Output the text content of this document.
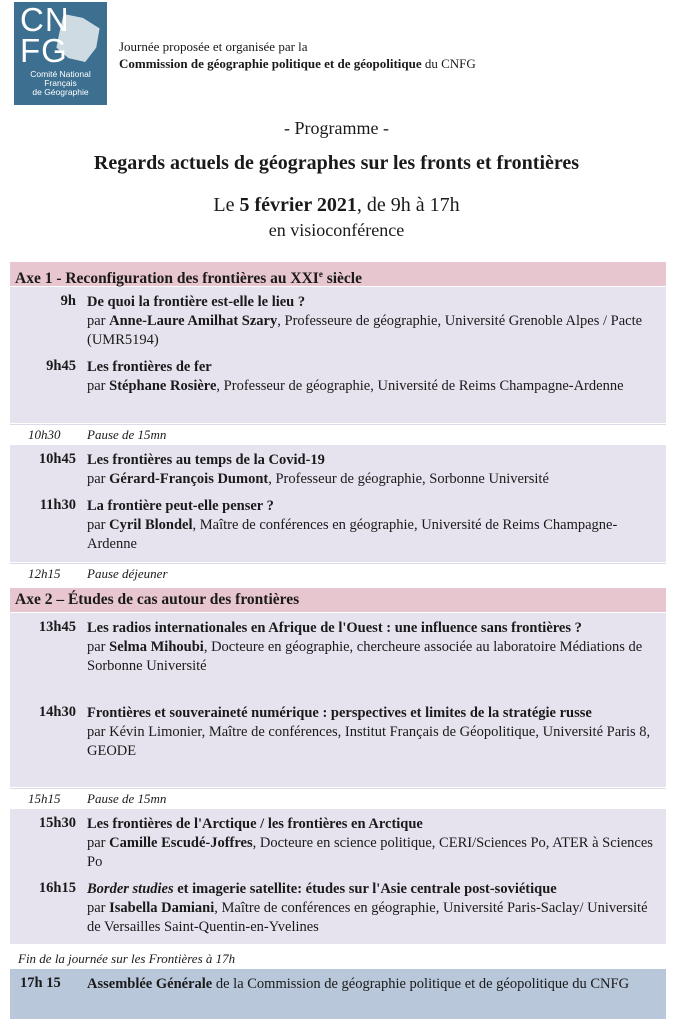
CN
FG
Comité National
Français
de Géographie
Journée proposée et organisée par la
Commission de géographie politique et de géopolitique du CNFG
- Programme -
Regards actuels de géographes sur les fronts et frontières
Le 5 février 2021, de 9h à 17h
en visioconférence
Axe 1 - Reconfiguration des frontières au XXIe siècle
9h De quoi la frontière est-elle le lieu ?
par Anne-Laure Amilhat Szary, Professeure de géographie, Université Grenoble Alpes / Pacte (UMR5194)
9h45 Les frontières de fer
par Stéphane Rosière, Professeur de géographie, Université de Reims Champagne-Ardenne
10h30 Pause de 15mn
10h45 Les frontières au temps de la Covid-19
par Gérard-François Dumont, Professeur de géographie, Sorbonne Université
11h30 La frontière peut-elle penser ?
par Cyril Blondel, Maître de conférences en géographie, Université de Reims Champagne-Ardenne
12h15 Pause déjeuner
Axe 2 – Études de cas autour des frontières
13h45 Les radios internationales en Afrique de l'Ouest : une influence sans frontières ?
par Selma Mihoubi, Docteure en géographie, chercheure associée au laboratoire Médiations de Sorbonne Université
14h30 Frontières et souveraineté numérique : perspectives et limites de la stratégie russe
par Kévin Limonier, Maître de conférences, Institut Français de Géopolitique, Université Paris 8, GEODE
15h15 Pause de 15mn
15h30 Les frontières de l'Arctique / les frontières en Arctique
par Camille Escudé-Joffres, Docteure en science politique, CERI/Sciences Po, ATER à Sciences Po
16h15 Border studies et imagerie satellite: études sur l'Asie centrale post-soviétique
par Isabella Damiani, Maître de conférences en géographie, Université Paris-Saclay/ Université de Versailles Saint-Quentin-en-Yvelines
Fin de la journée sur les Frontières à 17h
17h 15	Assemblée Générale de la Commission de géographie politique et de géopolitique du CNFG
